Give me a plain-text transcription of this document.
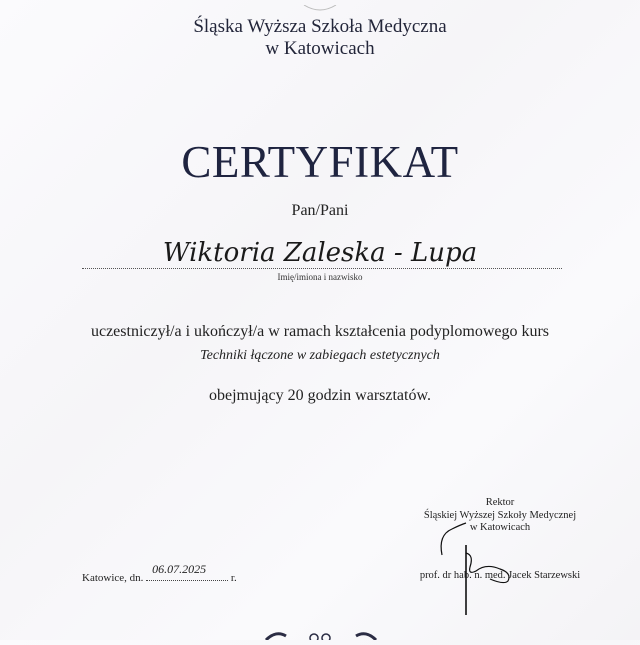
Śląska Wyższa Szkoła Medyczna
w Katowicach
CERTYFIKAT
Pan/Pani
Wiktoria Zaleska - Lupa
Imię/imiona i nazwisko
uczestniczył/a i ukończył/a w ramach kształcenia podyplomowego kurs
Techniki łączone w zabiegach estetycznych
obejmujący 20 godzin warsztatów.
Rektor
Śląskiej Wyższej Szkoły Medycznej
w Katowicach
prof. dr hab. n. med. Jacek Starzewski
Katowice, dn.
06.07.2025
r.
